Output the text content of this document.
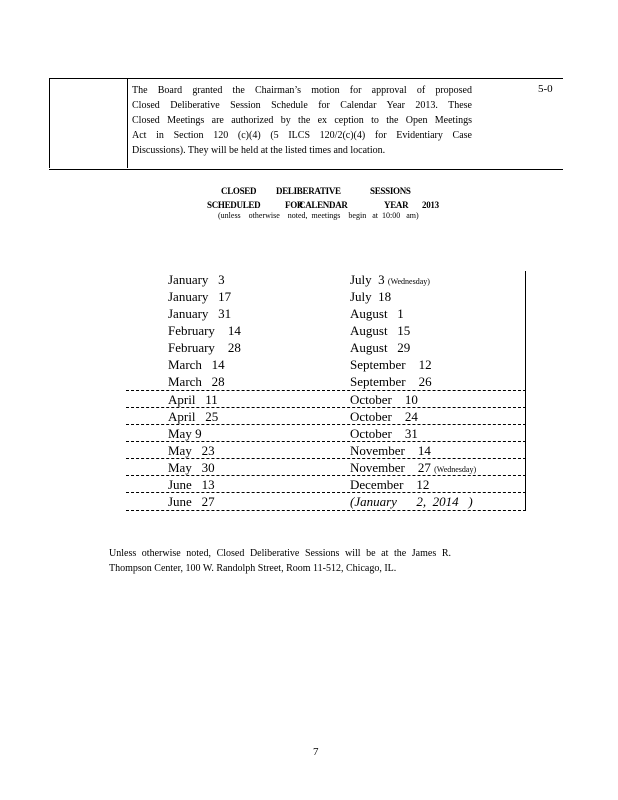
The Board granted the Chairman’s motion for approval of proposed
Closed Deliberative Session Schedule for Calendar Year 2013. These
Closed Meetings are authorized by the ex ception to the Open Meetings
Act in Section 120 (c)(4) (5 ILCS 120/2(c)(4) for Evidentiary Case
Discussions). They will be held at the listed times and location.
5-0
CLOSED DELIBERATIVE	SESSIONS
SCHEDULED	FOR
CALENDAR	YEAR 2013
(unless    otherwise    noted,  meetings    begin   at  10:00   am)
January   3	July  3 (Wednesday)
January   17	July  18
January   31	August   1
February    14	August   15
February    28	August   29
March   14	September    12
March   28	September    26
April   11	October    10
April   25	October    24
May 9	October    31
May   23	November    14
May   30	November    27 (Wednesday)
June   13	December    12
June   27	(January      2,  2014   )
Unless otherwise noted, Closed Deliberative Sessions will be at the James R.
Thompson Center, 100 W. Randolph Street, Room 11-512, Chicago, IL.
7
